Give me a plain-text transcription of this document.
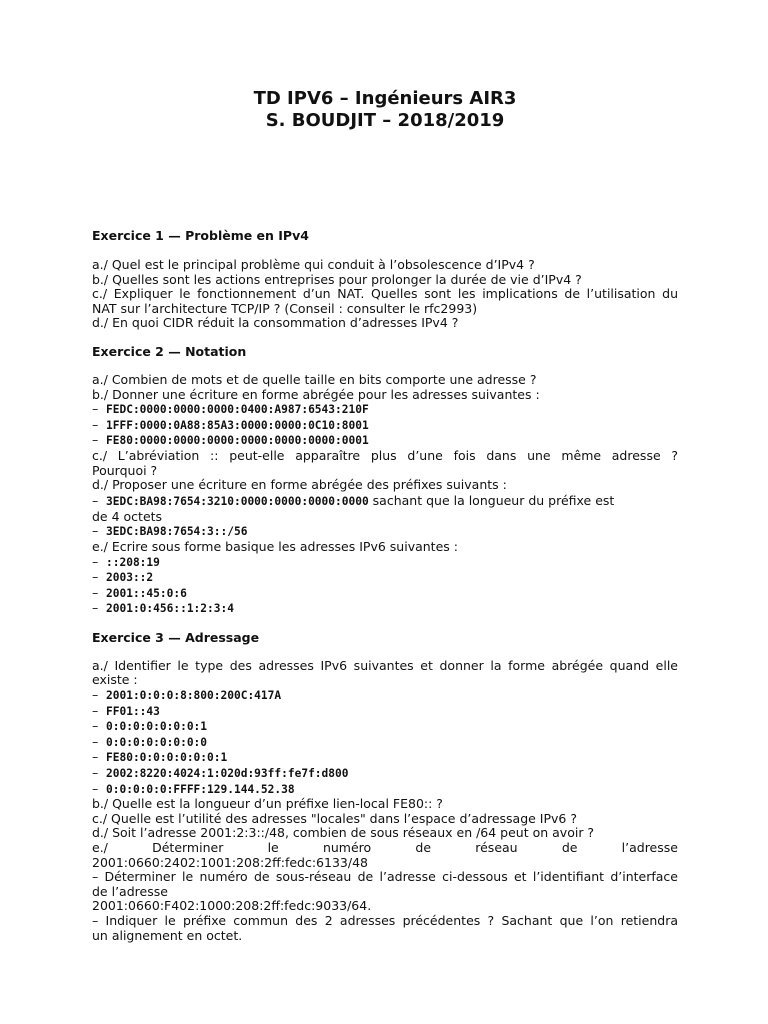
TD IPV6 – Ingénieurs AIR3

S. BOUDJIT – 2018/2019

Exercice 1 — Problème en IPv4

a./ Quel est le principal problème qui conduit à l’obsolescence d’IPv4 ?

b./ Quelles sont les actions entreprises pour prolonger la durée de vie d’IPv4 ?

c./ Expliquer le fonctionnement d’un NAT. Quelles sont les implications de l’utilisation du

NAT sur l’architecture TCP/IP ? (Conseil : consulter le rfc2993)

d./ En quoi CIDR réduit la consommation d’adresses IPv4 ?

Exercice 2 — Notation

a./ Combien de mots et de quelle taille en bits comporte une adresse ?

b./ Donner une écriture en forme abrégée pour les adresses suivantes :

– FEDC:0000:0000:0000:0400:A987:6543:210F

– 1FFF:0000:0A88:85A3:0000:0000:0C10:8001

– FE80:0000:0000:0000:0000:0000:0000:0001

c./ L’abréviation :: peut-elle apparaître plus d’une fois dans une même adresse ?

Pourquoi ?

d./ Proposer une écriture en forme abrégée des préfixes suivants :

– 3EDC:BA98:7654:3210:0000:0000:0000:0000 sachant que la longueur du préfixe est

de 4 octets

– 3EDC:BA98:7654:3::/56

e./ Ecrire sous forme basique les adresses IPv6 suivantes :

– ::208:19

– 2003::2

– 2001::45:0:6

– 2001:0:456::1:2:3:4

Exercice 3 — Adressage

a./ Identifier le type des adresses IPv6 suivantes et donner la forme abrégée quand elle

existe :

– 2001:0:0:0:8:800:200C:417A

– FF01::43

– 0:0:0:0:0:0:0:1

– 0:0:0:0:0:0:0:0

– FE80:0:0:0:0:0:0:1

– 2002:8220:4024:1:020d:93ff:fe7f:d800

– 0:0:0:0:0:FFFF:129.144.52.38

b./ Quelle est la longueur d’un préfixe lien-local FE80:: ?

c./ Quelle est l’utilité des adresses "locales" dans l’espace d’adressage IPv6 ?

d./ Soit l’adresse 2001:2:3::/48, combien de sous réseaux en /64 peut on avoir ?

e./	Déterminer	le	numéro	de	réseau	de	l’adresse

2001:0660:2402:1001:208:2ff:fedc:6133/48

– Déterminer le numéro de sous-réseau de l’adresse ci-dessous et l’identifiant d’interface

de l’adresse

2001:0660:F402:1000:208:2ff:fedc:9033/64.

– Indiquer le préfixe commun des 2 adresses précédentes ? Sachant que l’on retiendra

un alignement en octet.
